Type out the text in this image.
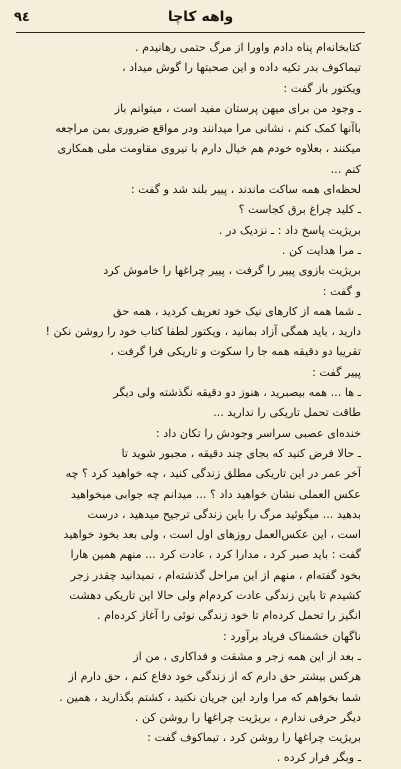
٩٤	واهه کاچا
کتابخانه‌ام پناه دادم واورا از مرگ حتمی رهانیدم .
تیماکوف بدر تکیه داده و این صحبتها را گوش میداد ،
ویکتور باز گفت :
ـ وجود من برای میهن پرستان مفید است ، میتوانم باز
باآنها کمک کنم ، نشانی مرا میدانند ودر مواقع ضروری بمن مراجعه
میکنند ، بعلاوه خودم هم خیال دارم با نیروی مقاومت ملی همکاری
کنم ...
لحظه‌ای همه ساکت ماندند ، پییر بلند شد و گفت :
ـ کلید چراغ برق کجاست ؟
بریژیت پاسخ داد : ـ نزدیک در .
ـ مرا هدایت کن .
بریژیت بازوی پییر را گرفت ، پییر چراغها را خاموش کرد
و گفت :
ـ شما همه از کارهای نیک خود تعریف کردید ، همه حق
دارید ، باید همگی آزاد بمانید ، ویکتور لطفا کتاب خود را روشن نکن !
تقریبا دو دقیقه همه جا را سکوت و تاریکی فرا گرفت ،
پییر گفت :
ـ ها ... همه بیصبرید ، هنوز دو دقیقه نگذشته ولی دیگر
طاقت تحمل تاریکی را ندارید ...
خنده‌ای عصبی سراسر وجودش را تکان داد :
ـ حالا فرض کنید که بجای چند دقیقه ، مجبور شوید تا
آخر عمر در این تاریکی مطلق زندگی کنید ، چه خواهید کرد ؟ چه
عکس العملی نشان خواهید داد ؟ ... میدانم چه جوابی میخواهید
بدهید ... میگوئید مرگ را باین زندگی ترجیح میدهید ، درست
است ، این عکس‌العمل روزهای اول است ، ولی بعد بخود خواهید
گفت : باید صبر کرد ، مدارا کرد ، عادت کرد ... منهم همین هارا
بخود گفته‌ام ، منهم از این مراحل گذشته‌ام ، نمیدانید چقدر زجر
کشیدم تا باین زندگی عادت کردم‌ام ولی حالا این تاریکی دهشت
انگیز را تحمل کرده‌ام تا خود زندگی نوئی را آغاز کرده‌ام .
ناگهان خشمناک فریاد برآورد :
ـ بعد از این همه زجر و مشقت و فداکاری ، من از
هرکس بیشتر حق دارم که از زندگی خود دفاع کنم ، حق دارم از
شما بخواهم که مرا وارد این جریان نکنید ، کشتم بگذارید ، همین .
دیگر حرفی ندارم ، بریژیت چراغها را روشن کن .
بریژیت چراغها را روشن کرد ، تیماکوف گفت :
ـ وبگر فرار کرده .
